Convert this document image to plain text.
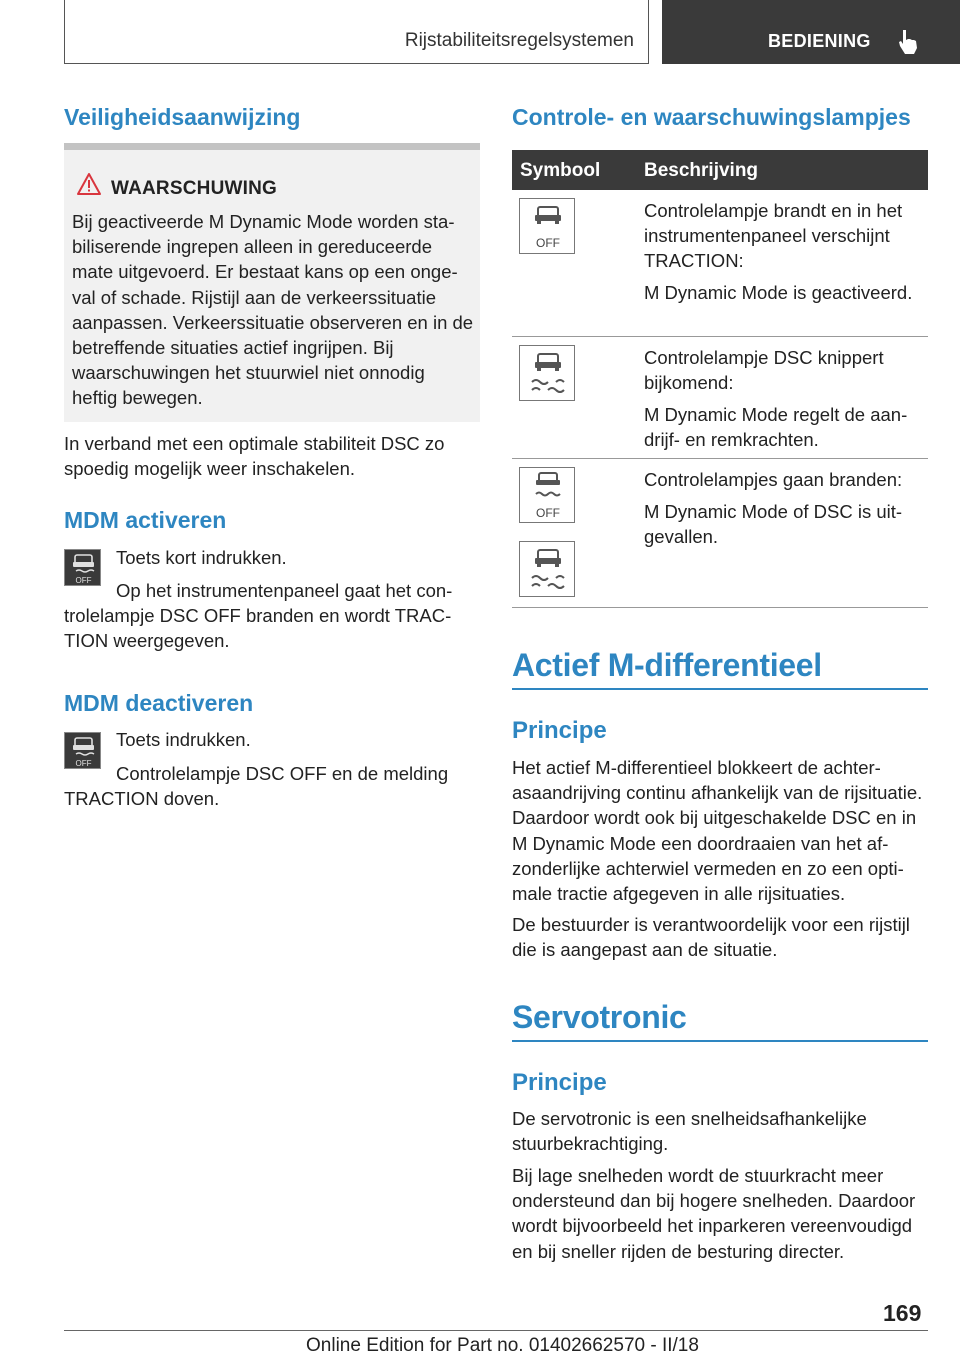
Rijstabiliteitsregelsystemen	BEDIENING
Veiligheidsaanwijzing
WAARSCHUWING
Bij geactiveerde M Dynamic Mode worden stabiliserende ingrepen alleen in gereduceerde mate uitgevoerd. Er bestaat kans op een ongeval of schade. Rijstijl aan de verkeerssituatie aanpassen. Verkeerssituatie observeren en in de betreffende situaties actief ingrijpen. Bij waarschuwingen het stuurwiel niet onnodig heftig bewegen.
In verband met een optimale stabiliteit DSC zo spoedig mogelijk weer inschakelen.
MDM activeren
OFF
Toets kort indrukken.
Op het instrumentenpaneel gaat het controlelampje DSC OFF branden en wordt TRACTION weergegeven.
MDM deactiveren
OFF
Toets indrukken.
Controlelampje DSC OFF en de melding TRACTION doven.
Controle- en waarschuwingslampjes
Symbool Beschrijving
OFF
Controlelampje brandt en in het instrumentenpaneel verschijnt TRACTION:
M Dynamic Mode is geactiveerd.
Controlelampje DSC knippert bijkomend:
M Dynamic Mode regelt de aandrijf- en remkrachten.
OFF
Controlelampjes gaan branden:
M Dynamic Mode of DSC is uitgevallen.
Actief M-differentieel
Principe
Het actief M-differentieel blokkeert de achterasaandrijving continu afhankelijk van de rijsituatie. Daardoor wordt ook bij uitgeschakelde DSC en in M Dynamic Mode een doordraaien van het afzonderlijke achterwiel vermeden en zo een optimale tractie afgegeven in alle rijsituaties.
De bestuurder is verantwoordelijk voor een rijstijl die is aangepast aan de situatie.
Servotronic
Principe
De servotronic is een snelheidsafhankelijke stuurbekrachtiging.
Bij lage snelheden wordt de stuurkracht meer ondersteund dan bij hogere snelheden. Daardoor wordt bijvoorbeeld het inparkeren vereenvoudigd en bij sneller rijden de besturing directer.
169
Online Edition for Part no. 01402662570 - II/18
